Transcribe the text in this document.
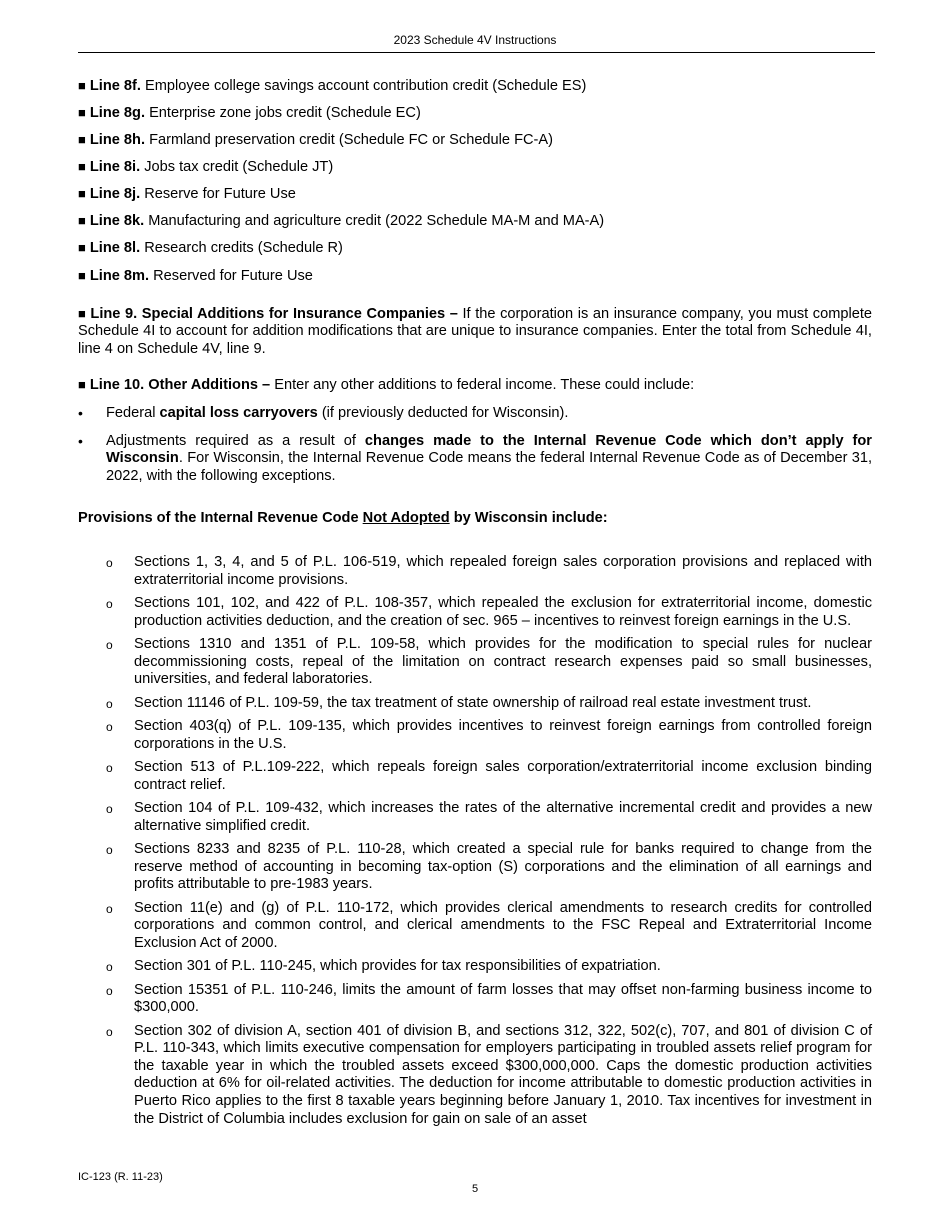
2023 Schedule 4V Instructions
■ Line 8f. Employee college savings account contribution credit (Schedule ES)
■ Line 8g. Enterprise zone jobs credit (Schedule EC)
■ Line 8h. Farmland preservation credit (Schedule FC or Schedule FC-A)
■ Line 8i. Jobs tax credit (Schedule JT)
■ Line 8j. Reserve for Future Use
■ Line 8k. Manufacturing and agriculture credit (2022 Schedule MA-M and MA-A)
■ Line 8l. Research credits (Schedule R)
■ Line 8m. Reserved for Future Use

■ Line 9. Special Additions for Insurance Companies – If the corporation is an insurance company, you must complete Schedule 4I to account for addition modifications that are unique to insurance companies. Enter the total from Schedule 4I, line 4 on Schedule 4V, line 9.

■ Line 10. Other Additions – Enter any other additions to federal income. These could include:

• Federal capital loss carryovers (if previously deducted for Wisconsin).
• Adjustments required as a result of changes made to the Internal Revenue Code which don’t apply for Wisconsin. For Wisconsin, the Internal Revenue Code means the federal Internal Revenue Code as of December 31, 2022, with the following exceptions.
Provisions of the Internal Revenue Code Not Adopted by Wisconsin include:
o Sections 1, 3, 4, and 5 of P.L. 106-519, which repealed foreign sales corporation provisions and replaced with extraterritorial income provisions.
o Sections 101, 102, and 422 of P.L. 108-357, which repealed the exclusion for extraterritorial income, domestic production activities deduction, and the creation of sec. 965 – incentives to reinvest foreign earnings in the U.S.
o Sections 1310 and 1351 of P.L. 109-58, which provides for the modification to special rules for nuclear decommissioning costs, repeal of the limitation on contract research expenses paid so small businesses, universities, and federal laboratories.
o Section 11146 of P.L. 109-59, the tax treatment of state ownership of railroad real estate investment trust.
o Section 403(q) of P.L. 109-135, which provides incentives to reinvest foreign earnings from controlled foreign corporations in the U.S.
o Section 513 of P.L.109-222, which repeals foreign sales corporation/extraterritorial income exclusion binding contract relief.
o Section 104 of P.L. 109-432, which increases the rates of the alternative incremental credit and provides a new alternative simplified credit.
o Sections 8233 and 8235 of P.L. 110-28, which created a special rule for banks required to change from the reserve method of accounting in becoming tax-option (S) corporations and the elimination of all earnings and profits attributable to pre-1983 years.
o Section 11(e) and (g) of P.L. 110-172, which provides clerical amendments to research credits for controlled corporations and common control, and clerical amendments to the FSC Repeal and Extraterritorial Income Exclusion Act of 2000.
o Section 301 of P.L. 110-245, which provides for tax responsibilities of expatriation.
o Section 15351 of P.L. 110-246, limits the amount of farm losses that may offset non-farming business income to $300,000.
o Section 302 of division A, section 401 of division B, and sections 312, 322, 502(c), 707, and 801 of division C of P.L. 110-343, which limits executive compensation for employers participating in troubled assets relief program for the taxable year in which the troubled assets exceed $300,000,000. Caps the domestic production activities deduction at 6% for oil-related activities. The deduction for income attributable to domestic production activities in Puerto Rico applies to the first 8 taxable years beginning before January 1, 2010. Tax incentives for investment in the District of Columbia includes exclusion for gain on sale of an asset
IC-123 (R. 11-23)
5
